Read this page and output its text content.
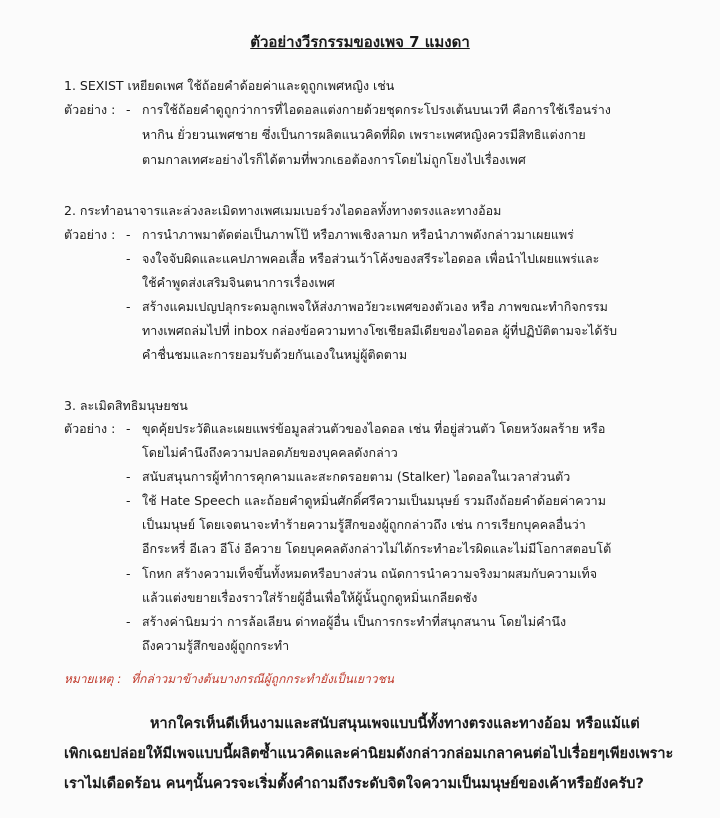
ตัวอย่างวีรกรรมของเพจ 7 แมงดา
1. SEXIST เหยียดเพศ ใช้ถ้อยคำด้อยค่าและดูถูกเพศหญิง เช่น
ตัวอย่าง : - การใช้ถ้อยคำดูถูกว่าการที่ไอดอลแต่งกายด้วยชุดกระโปรงเต้นบนเวที คือการใช้เรือนร่าง
หากิน ยั่วยวนเพศชาย ซึ่งเป็นการผลิตแนวคิดที่ผิด เพราะเพศหญิงควรมีสิทธิแต่งกาย
ตามกาลเทศะอย่างไรก็ได้ตามที่พวกเธอต้องการโดยไม่ถูกโยงไปเรื่องเพศ
2. กระทำอนาจารและล่วงละเมิดทางเพศเมมเบอร์วงไอดอลทั้งทางตรงและทางอ้อม
ตัวอย่าง : - การนำภาพมาตัดต่อเป็นภาพโป๊ หรือภาพเชิงลามก หรือนำภาพดังกล่าวมาเผยแพร่
- จงใจจับผิดและแคปภาพคอเสื้อ หรือส่วนเว้าโค้งของสรีระไอดอล เพื่อนำไปเผยแพร่และ
ใช้คำพูดส่งเสริมจินตนาการเรื่องเพศ
- สร้างแคมเปญปลุกระดมลูกเพจให้ส่งภาพอวัยวะเพศของตัวเอง หรือ ภาพขณะทำกิจกรรม
ทางเพศถล่มไปที่ inbox กล่องข้อความทางโซเชียลมีเดียของไอดอล ผู้ที่ปฏิบัติตามจะได้รับ
คำชื่นชมและการยอมรับด้วยกันเองในหมู่ผู้ติดตาม
3. ละเมิดสิทธิมนุษยชน
ตัวอย่าง : - ขุดคุ้ยประวัติและเผยแพร่ข้อมูลส่วนตัวของไอดอล เช่น ที่อยู่ส่วนตัว โดยหวังผลร้าย หรือ
โดยไม่คำนึงถึงความปลอดภัยของบุคคลดังกล่าว
- สนับสนุนการผู้ทำการคุกคามและสะกดรอยตาม (Stalker) ไอดอลในเวลาส่วนตัว
- ใช้ Hate Speech และถ้อยคำดูหมิ่นศักดิ์ศรีความเป็นมนุษย์ รวมถึงถ้อยคำด้อยค่าความ
เป็นมนุษย์ โดยเจตนาจะทำร้ายความรู้สึกของผู้ถูกกล่าวถึง เช่น การเรียกบุคคลอื่นว่า
อีกระหรี่ อีเลว อีโง่ อีควาย โดยบุคคลดังกล่าวไม่ได้กระทำอะไรผิดและไม่มีโอกาสตอบโต้
- โกหก สร้างความเท็จขึ้นทั้งหมดหรือบางส่วน ถนัดการนำความจริงมาผสมกับความเท็จ
แล้วแต่งขยายเรื่องราวใส่ร้ายผู้อื่นเพื่อให้ผู้นั้นถูกดูหมิ่นเกลียดชัง
- สร้างค่านิยมว่า การล้อเลียน ด่าทอผู้อื่น เป็นการกระทำที่สนุกสนาน โดยไม่คำนึง
ถึงความรู้สึกของผู้ถูกกระทำ
หมายเหตุ : ที่กล่าวมาข้างต้นบางกรณีผู้ถูกกระทำยังเป็นเยาวชน
หากใครเห็นดีเห็นงามและสนับสนุนเพจแบบนี้ทั้งทางตรงและทางอ้อม หรือแม้แต่
เพิกเฉยปล่อยให้มีเพจแบบนี้ผลิตซ้ำแนวคิดและค่านิยมดังกล่าวกล่อมเกลาคนต่อไปเรื่อยๆเพียงเพราะ
เราไม่เดือดร้อน คนๆนั้นควรจะเริ่มตั้งคำถามถึงระดับจิตใจความเป็นมนุษย์ของเค้าหรือยังครับ?
